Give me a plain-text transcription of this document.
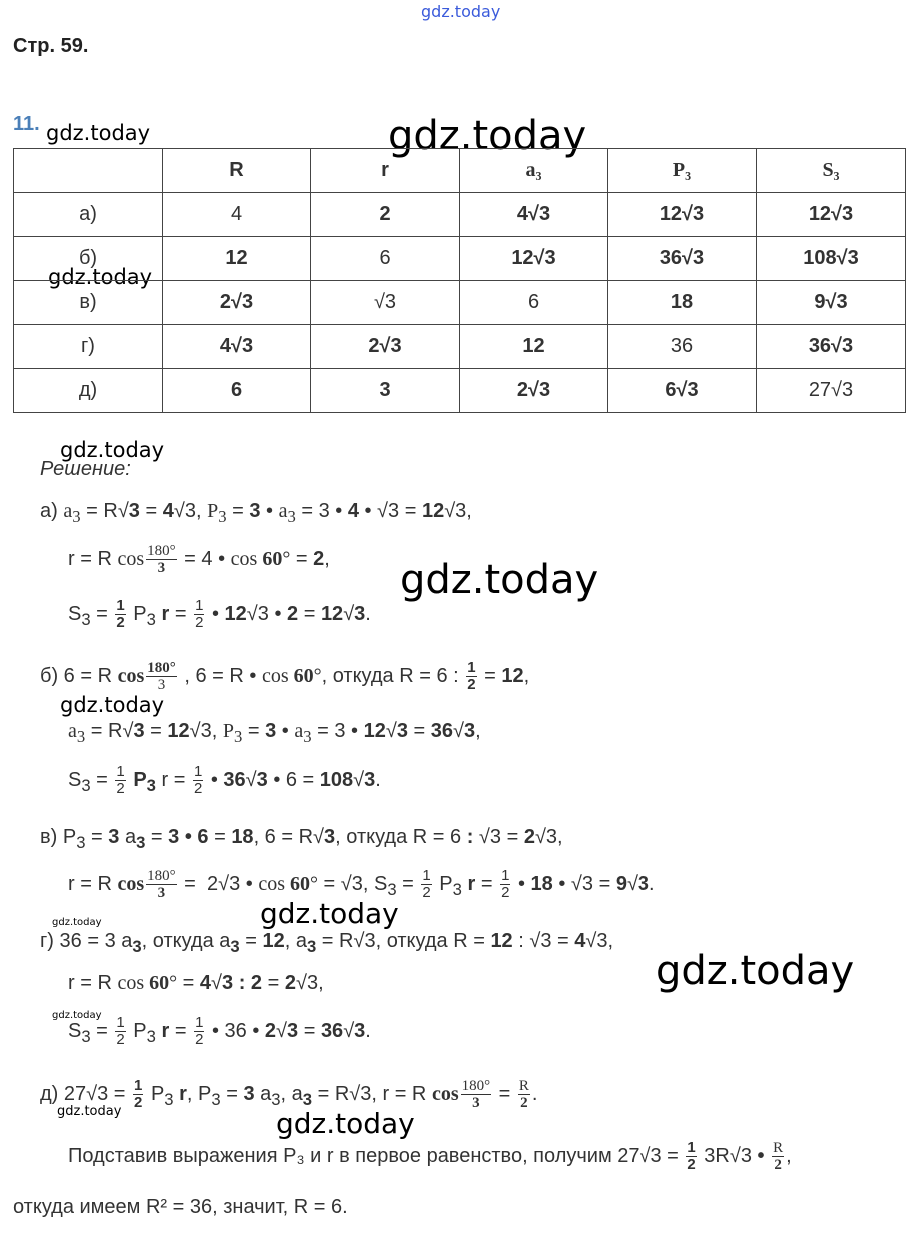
gdz.today
gdz.today	gdz.today
gdz.today
gdz.today
gdz.today
gdz.today
gdz.today	gdz.today
gdz.today
gdz.today
gdz.today	gdz.today
Стр. 59.
11.
	R	r	a₃	P₃	S₃
а)	4	2	4√3	12√3	12√3
б)	12	6	12√3	36√3	108√3
в)	2√3	√3	6	18	9√3
г)	4√3	2√3	12	36	36√3
д)	6	3	2√3	6√3	27√3
Решение:
а) $a_3 = R√3 = 4√3$, $P_3 = 3$ • $a_3 = 3$ • 4 • √3 = 12√3,
r = R $\cos \frac{180^\circ}{3} = 4$ • cos 60° = 2,
$S_3 = \frac{1}{2} P_3$ $r = \frac{1}{2}$ • 12√3 • 2 = 12√3.
б) 6 = R $\cos \frac{180^\circ}{3}$ , 6 = R • cos 60°, откуда R = 6 : $\frac{1}{2} = 12$,
$a_3 = R√3 = 12√3$, $P_3 = 3$ • $a_3 = 3$ • 12√3 = 36√3,
$S_3 = \frac{1}{2} P_3$ $r = \frac{1}{2}$ • 36√3 • 6 = 108√3.
в) $P_3 = 3$ $a_3 = 3$ • 6 = 18, 6 = R√3, откуда R = 6 : √3 = 2√3,
r = R $\cos \frac{180^\circ}{3} = 2√3$ • cos 60° = √3, $S_3 = \frac{1}{2} P_3$ $r = \frac{1}{2}$ • 18 • √3 = 9√3.
г) 36 = 3 $a_3$, откуда $a_3 = 12$, $a_3 = R√3$, откуда R = 12 : √3 = 4√3,
r = R cos 60° = 4√3 : 2 = 2√3,
$S_3 = \frac{1}{2} P_3$ $r = \frac{1}{2}$ • 36 • 2√3 = 36√3.
д) $27√3 = \frac{1}{2} P_3$ r, $P_3 = 3$ $a_3$, $a_3 = R√3$, r = R $\cos \frac{180^\circ}{3} = \frac{R}{2}$ .
Подставив выражения P₃ и r в первое равенство, получим $27√3 = \frac{1}{2} 3R√3$ • $\frac{R}{2}$ ,
откуда имеем R² = 36, значит, R = 6.
